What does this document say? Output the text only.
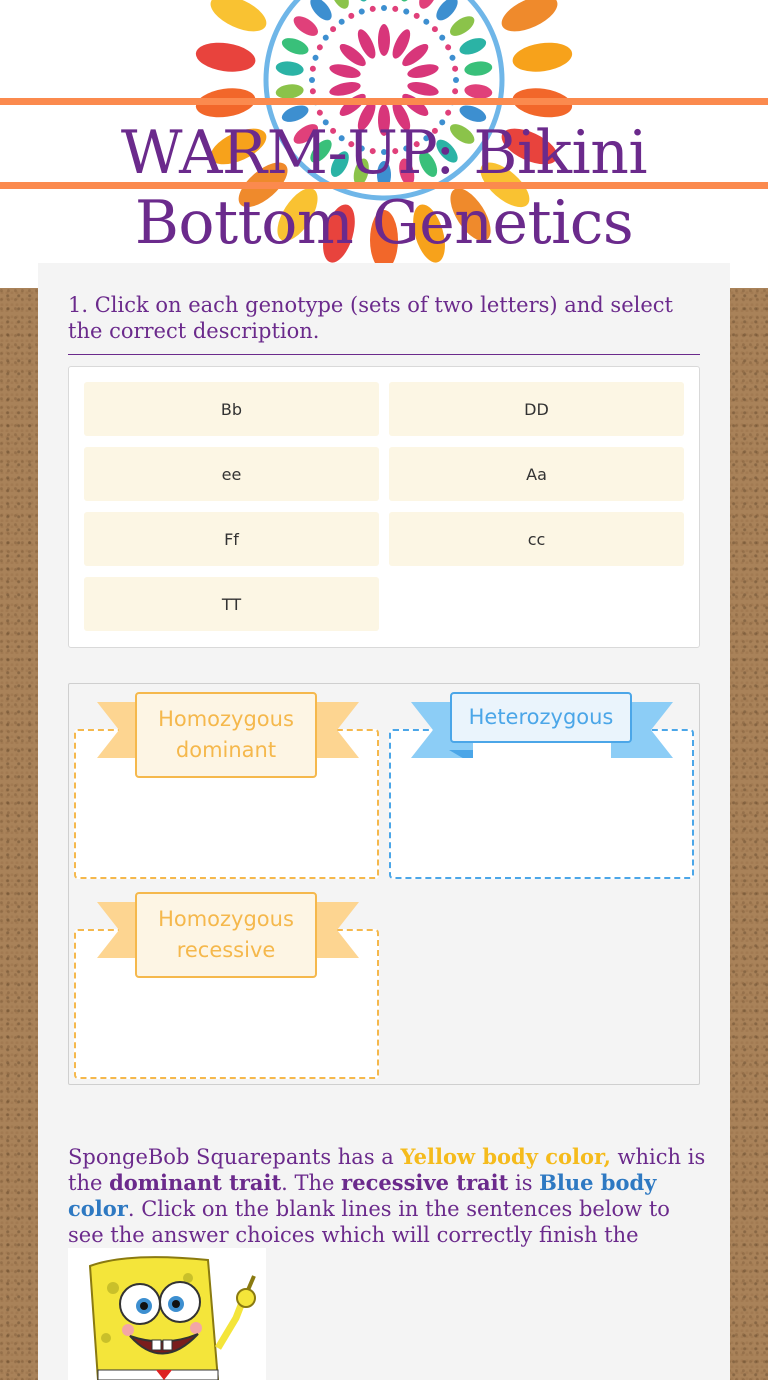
WARM-UP: Bikini
Bottom Genetics
1. Click on each genotype (sets of two letters) and select the correct description.
Bb	DD
ee	Aa
Ff	cc
TT
Homozygous
dominant
Heterozygous
Homozygous
recessive
SpongeBob Squarepants has a Yellow body color, which is the dominant trait. The recessive trait is Blue body color. Click on the blank lines in the sentences below to see the answer choices which will correctly finish the
